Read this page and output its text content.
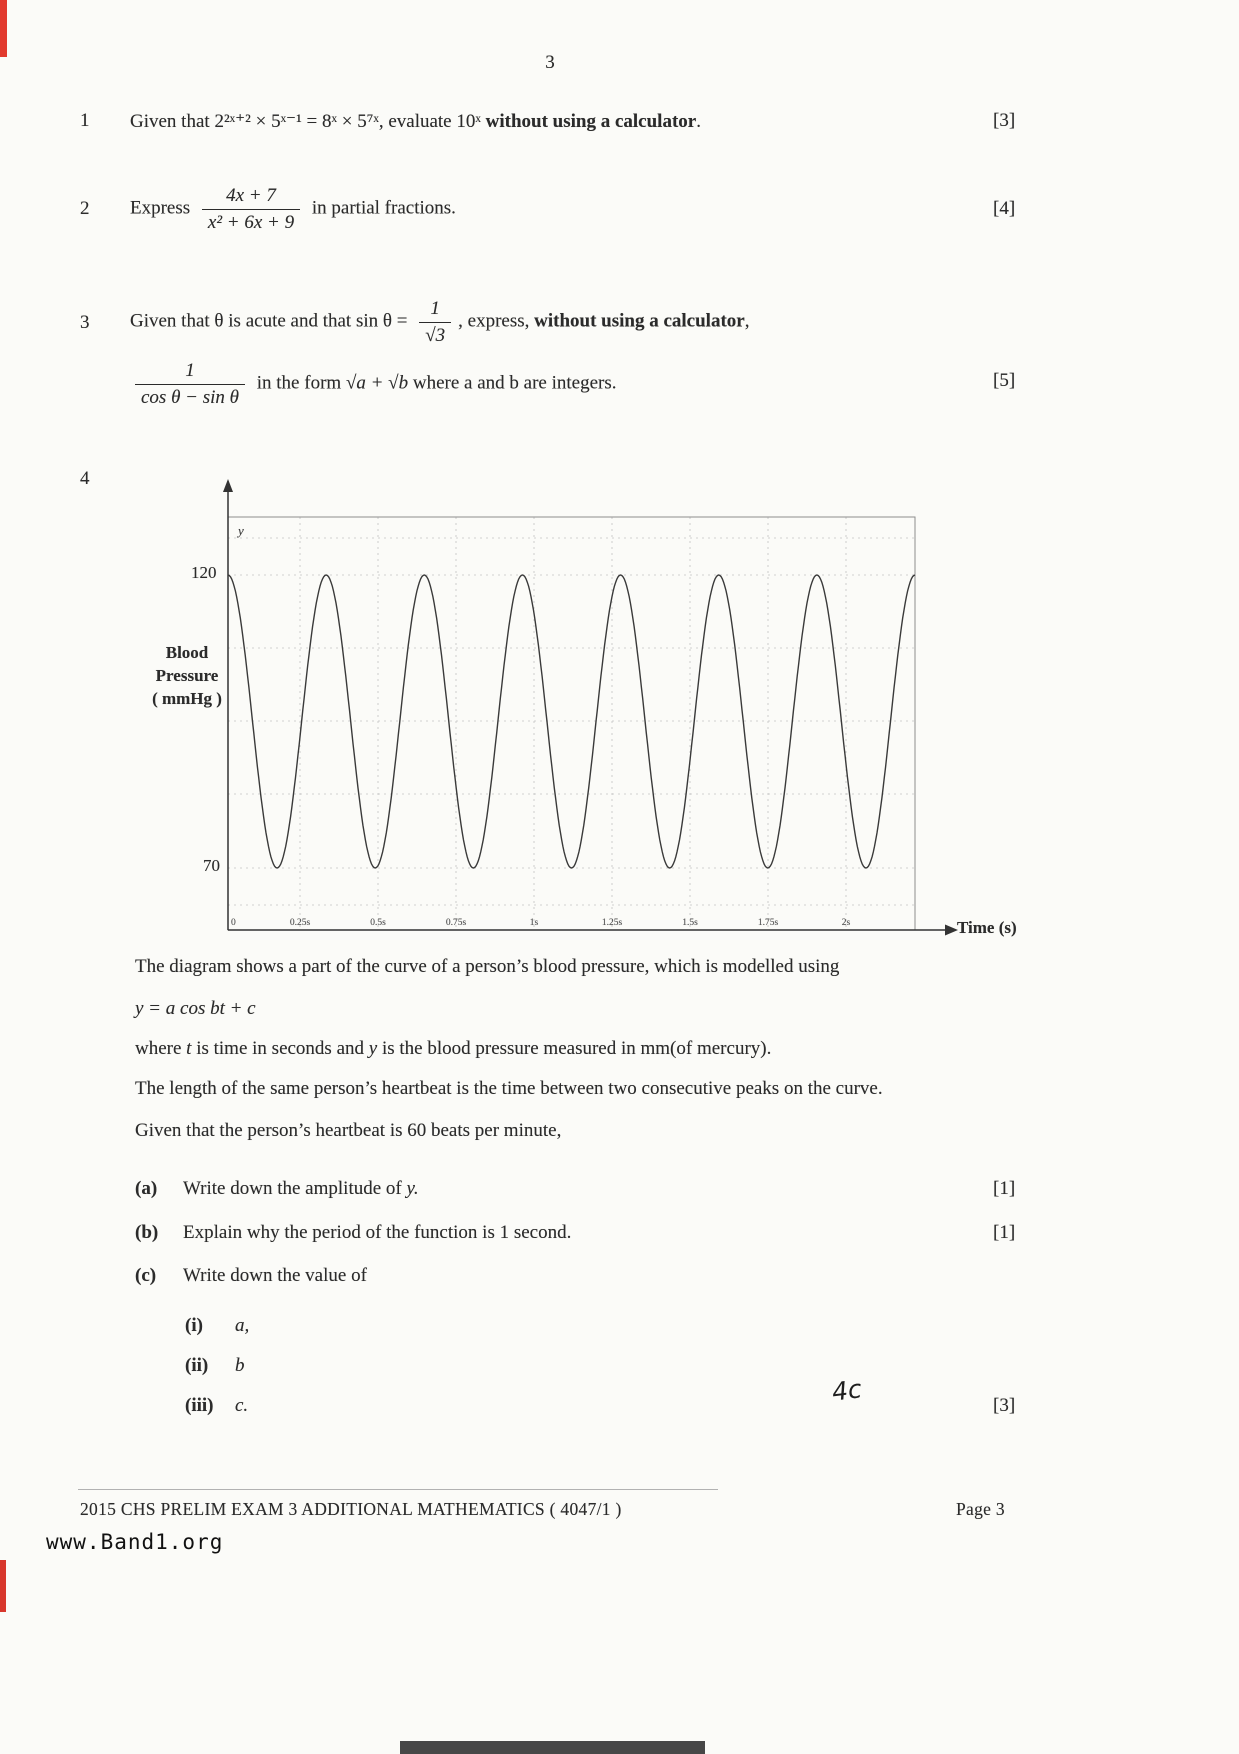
3
1 Given that 2²ˣ⁺² × 5ˣ⁻¹ = 8ˣ × 5⁷ˣ, evaluate 10ˣ without using a calculator.	[3]
2 Express $\frac{4x + 7}{\text{x² + 6x + 9}}$ in partial fractions.	[4]
3 Given that θ is acute and that $\sin \theta = \frac{1}{√3}$ , express, without using a calculator,
$\frac{1}{\text{cos θ − sin θ}}$ in the form √a + √b where a and b are integers.	[5]
4
y
0	0.25s	0.5s	0.75s	1s	1.25s	1.5s	1.75s	2s
120
70
Blood
Pressure
( mmHg )
Time (s)
The diagram shows a part of the curve of a person’s blood pressure, which is modelled using
y = a cos bt + c
where t is time in seconds and y is the blood pressure measured in mm(of mercury).
The length of the same person’s heartbeat is the time between two consecutive peaks on the curve.
Given that the person’s heartbeat is 60 beats per minute,
(a) Write down the amplitude of y.	[1]
(b) Explain why the period of the function is 1 second.	[1]
(c) Write down the value of
(i) a,
(ii) b
(iii) c.	4c	[3]
2015 CHS PRELIM EXAM 3 ADDITIONAL MATHEMATICS ( 4047/1 )	Page 3
www.Band1.org
